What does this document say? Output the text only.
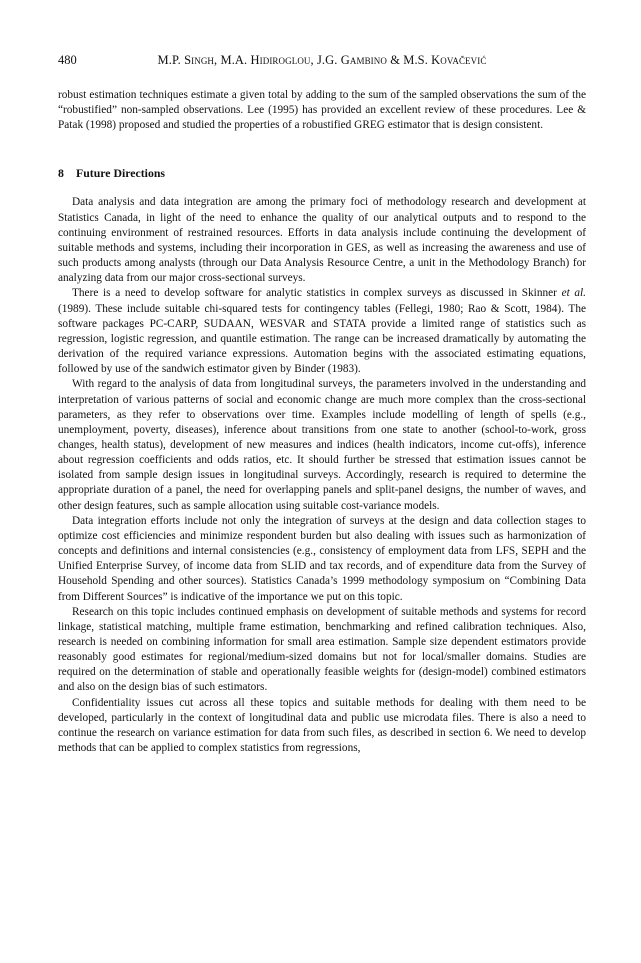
480	M.P. Singh, M.A. Hidiroglou, J.G. Gambino & M.S. Kovačević

robust estimation techniques estimate a given total by adding to the sum of the sampled observations the sum of the “robustified” non-sampled observations. Lee (1995) has provided an excellent review of these procedures. Lee & Patak (1998) proposed and studied the properties of a robustified GREG estimator that is design consistent.

8 Future Directions

Data analysis and data integration are among the primary foci of methodology research and development at Statistics Canada, in light of the need to enhance the quality of our analytical outputs and to respond to the continuing environment of restrained resources. Efforts in data analysis include continuing the development of suitable methods and systems, including their incorporation in GES, as well as increasing the awareness and use of such products among analysts (through our Data Analysis Resource Centre, a unit in the Methodology Branch) for analyzing data from our major cross-sectional surveys.

There is a need to develop software for analytic statistics in complex surveys as discussed in Skinner et al. (1989). These include suitable chi-squared tests for contingency tables (Fellegi, 1980; Rao & Scott, 1984). The software packages PC-CARP, SUDAAN, WESVAR and STATA provide a limited range of statistics such as regression, logistic regression, and quantile estimation. The range can be increased dramatically by automating the derivation of the required variance expressions. Automation begins with the associated estimating equations, followed by use of the sandwich estimator given by Binder (1983).

With regard to the analysis of data from longitudinal surveys, the parameters involved in the understanding and interpretation of various patterns of social and economic change are much more complex than the cross-sectional parameters, as they refer to observations over time. Examples include modelling of length of spells (e.g., unemployment, poverty, diseases), inference about transitions from one state to another (school-to-work, gross changes, health status), development of new measures and indices (health indicators, income cut-offs), inference about regression coefficients and odds ratios, etc. It should further be stressed that estimation issues cannot be isolated from sample design issues in longitudinal surveys. Accordingly, research is required to determine the appropriate duration of a panel, the need for overlapping panels and split-panel designs, the number of waves, and other design features, such as sample allocation using suitable cost-variance models.

Data integration efforts include not only the integration of surveys at the design and data collection stages to optimize cost efficiencies and minimize respondent burden but also dealing with issues such as harmonization of concepts and definitions and internal consistencies (e.g., consistency of employment data from LFS, SEPH and the Unified Enterprise Survey, of income data from SLID and tax records, and of expenditure data from the Survey of Household Spending and other sources). Statistics Canada’s 1999 methodology symposium on “Combining Data from Different Sources” is indicative of the importance we put on this topic.

Research on this topic includes continued emphasis on development of suitable methods and systems for record linkage, statistical matching, multiple frame estimation, benchmarking and refined calibration techniques. Also, research is needed on combining information for small area estimation. Sample size dependent estimators provide reasonably good estimates for regional/medium-sized domains but not for local/smaller domains. Studies are required on the determination of stable and operationally feasible weights for (design-model) combined estimators and also on the design bias of such estimators.

Confidentiality issues cut across all these topics and suitable methods for dealing with them need to be developed, particularly in the context of longitudinal data and public use microdata files. There is also a need to continue the research on variance estimation for data from such files, as described in section 6. We need to develop methods that can be applied to complex statistics from regressions,
